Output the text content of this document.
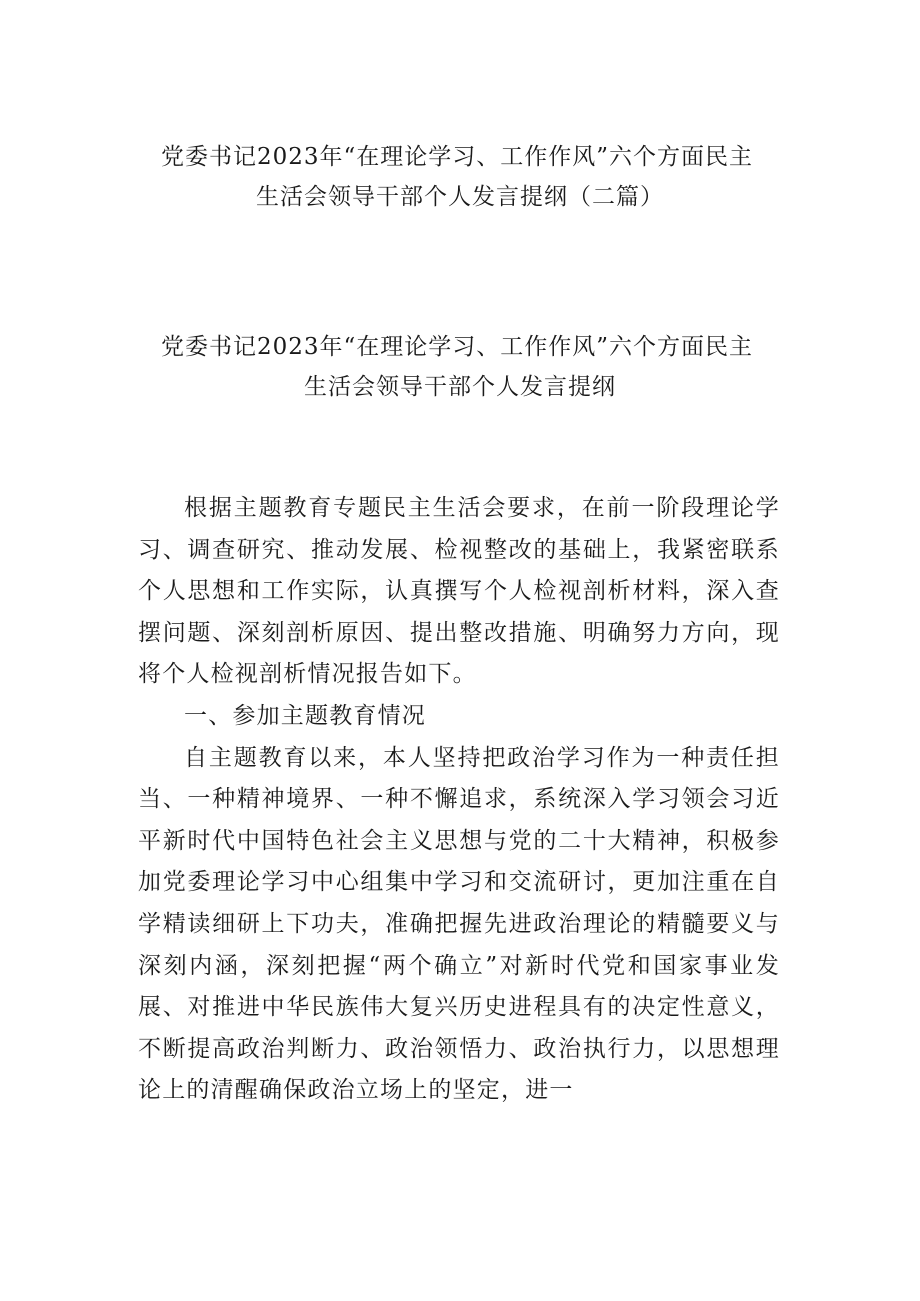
党委书记2023年“在理论学习、工作作风”六个方面民主
生活会领导干部个人发言提纲（二篇）
党委书记2023年“在理论学习、工作作风”六个方面民主
生活会领导干部个人发言提纲

根据主题教育专题民主生活会要求，在前一阶段理论学习、调查研究、推动发展、检视整改的基础上，我紧密联系个人思想和工作实际，认真撰写个人检视剖析材料，深入查摆问题、深刻剖析原因、提出整改措施、明确努力方向，现将个人检视剖析情况报告如下。

一、参加主题教育情况

自主题教育以来，本人坚持把政治学习作为一种责任担当、一种精神境界、一种不懈追求，系统深入学习领会习近平新时代中国特色社会主义思想与党的二十大精神，积极参加党委理论学习中心组集中学习和交流研讨，更加注重在自学精读细研上下功夫，准确把握先进政治理论的精髓要义与深刻内涵，深刻把握“两个确立”对新时代党和国家事业发展、对推进中华民族伟大复兴历史进程具有的决定性意义，不断提高政治判断力、政治领悟力、政治执行力，以思想理论上的清醒确保政治立场上的坚定，进一
